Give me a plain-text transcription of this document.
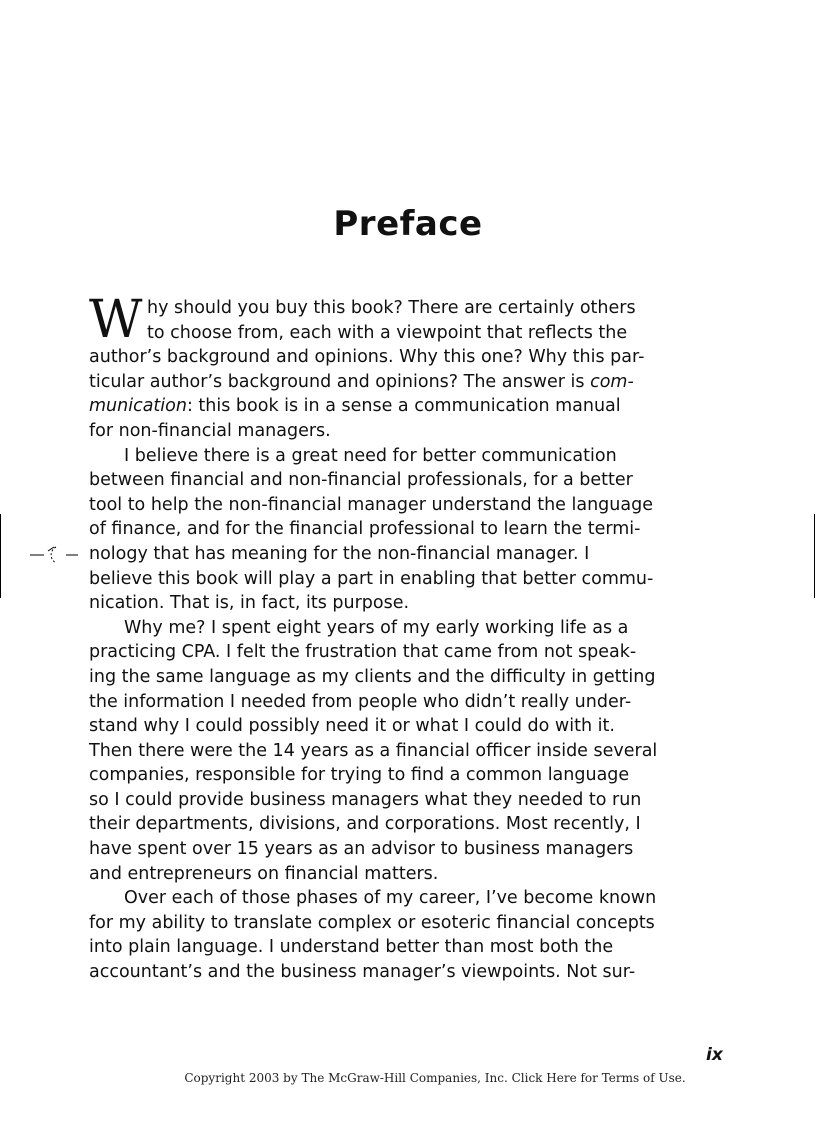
Preface
W hy should you buy this book? There are certainly others
to choose from, each with a viewpoint that reflects the
author’s background and opinions. Why this one? Why this par-
ticular author’s background and opinions? The answer is com-
munication: this book is in a sense a communication manual
for non-financial managers.
I believe there is a great need for better communication
between financial and non-financial professionals, for a better
tool to help the non-financial manager understand the language
of finance, and for the financial professional to learn the termi-
nology that has meaning for the non-financial manager. I
believe this book will play a part in enabling that better commu-
nication. That is, in fact, its purpose.
Why me? I spent eight years of my early working life as a
practicing CPA. I felt the frustration that came from not speak-
ing the same language as my clients and the difficulty in getting
the information I needed from people who didn’t really under-
stand why I could possibly need it or what I could do with it.
Then there were the 14 years as a financial officer inside several
companies, responsible for trying to find a common language
so I could provide business managers what they needed to run
their departments, divisions, and corporations. Most recently, I
have spent over 15 years as an advisor to business managers
and entrepreneurs on financial matters.
Over each of those phases of my career, I’ve become known
for my ability to translate complex or esoteric financial concepts
into plain language. I understand better than most both the
accountant’s and the business manager’s viewpoints. Not sur-
ix
Copyright 2003 by The McGraw-Hill Companies, Inc. Click Here for Terms of Use.
